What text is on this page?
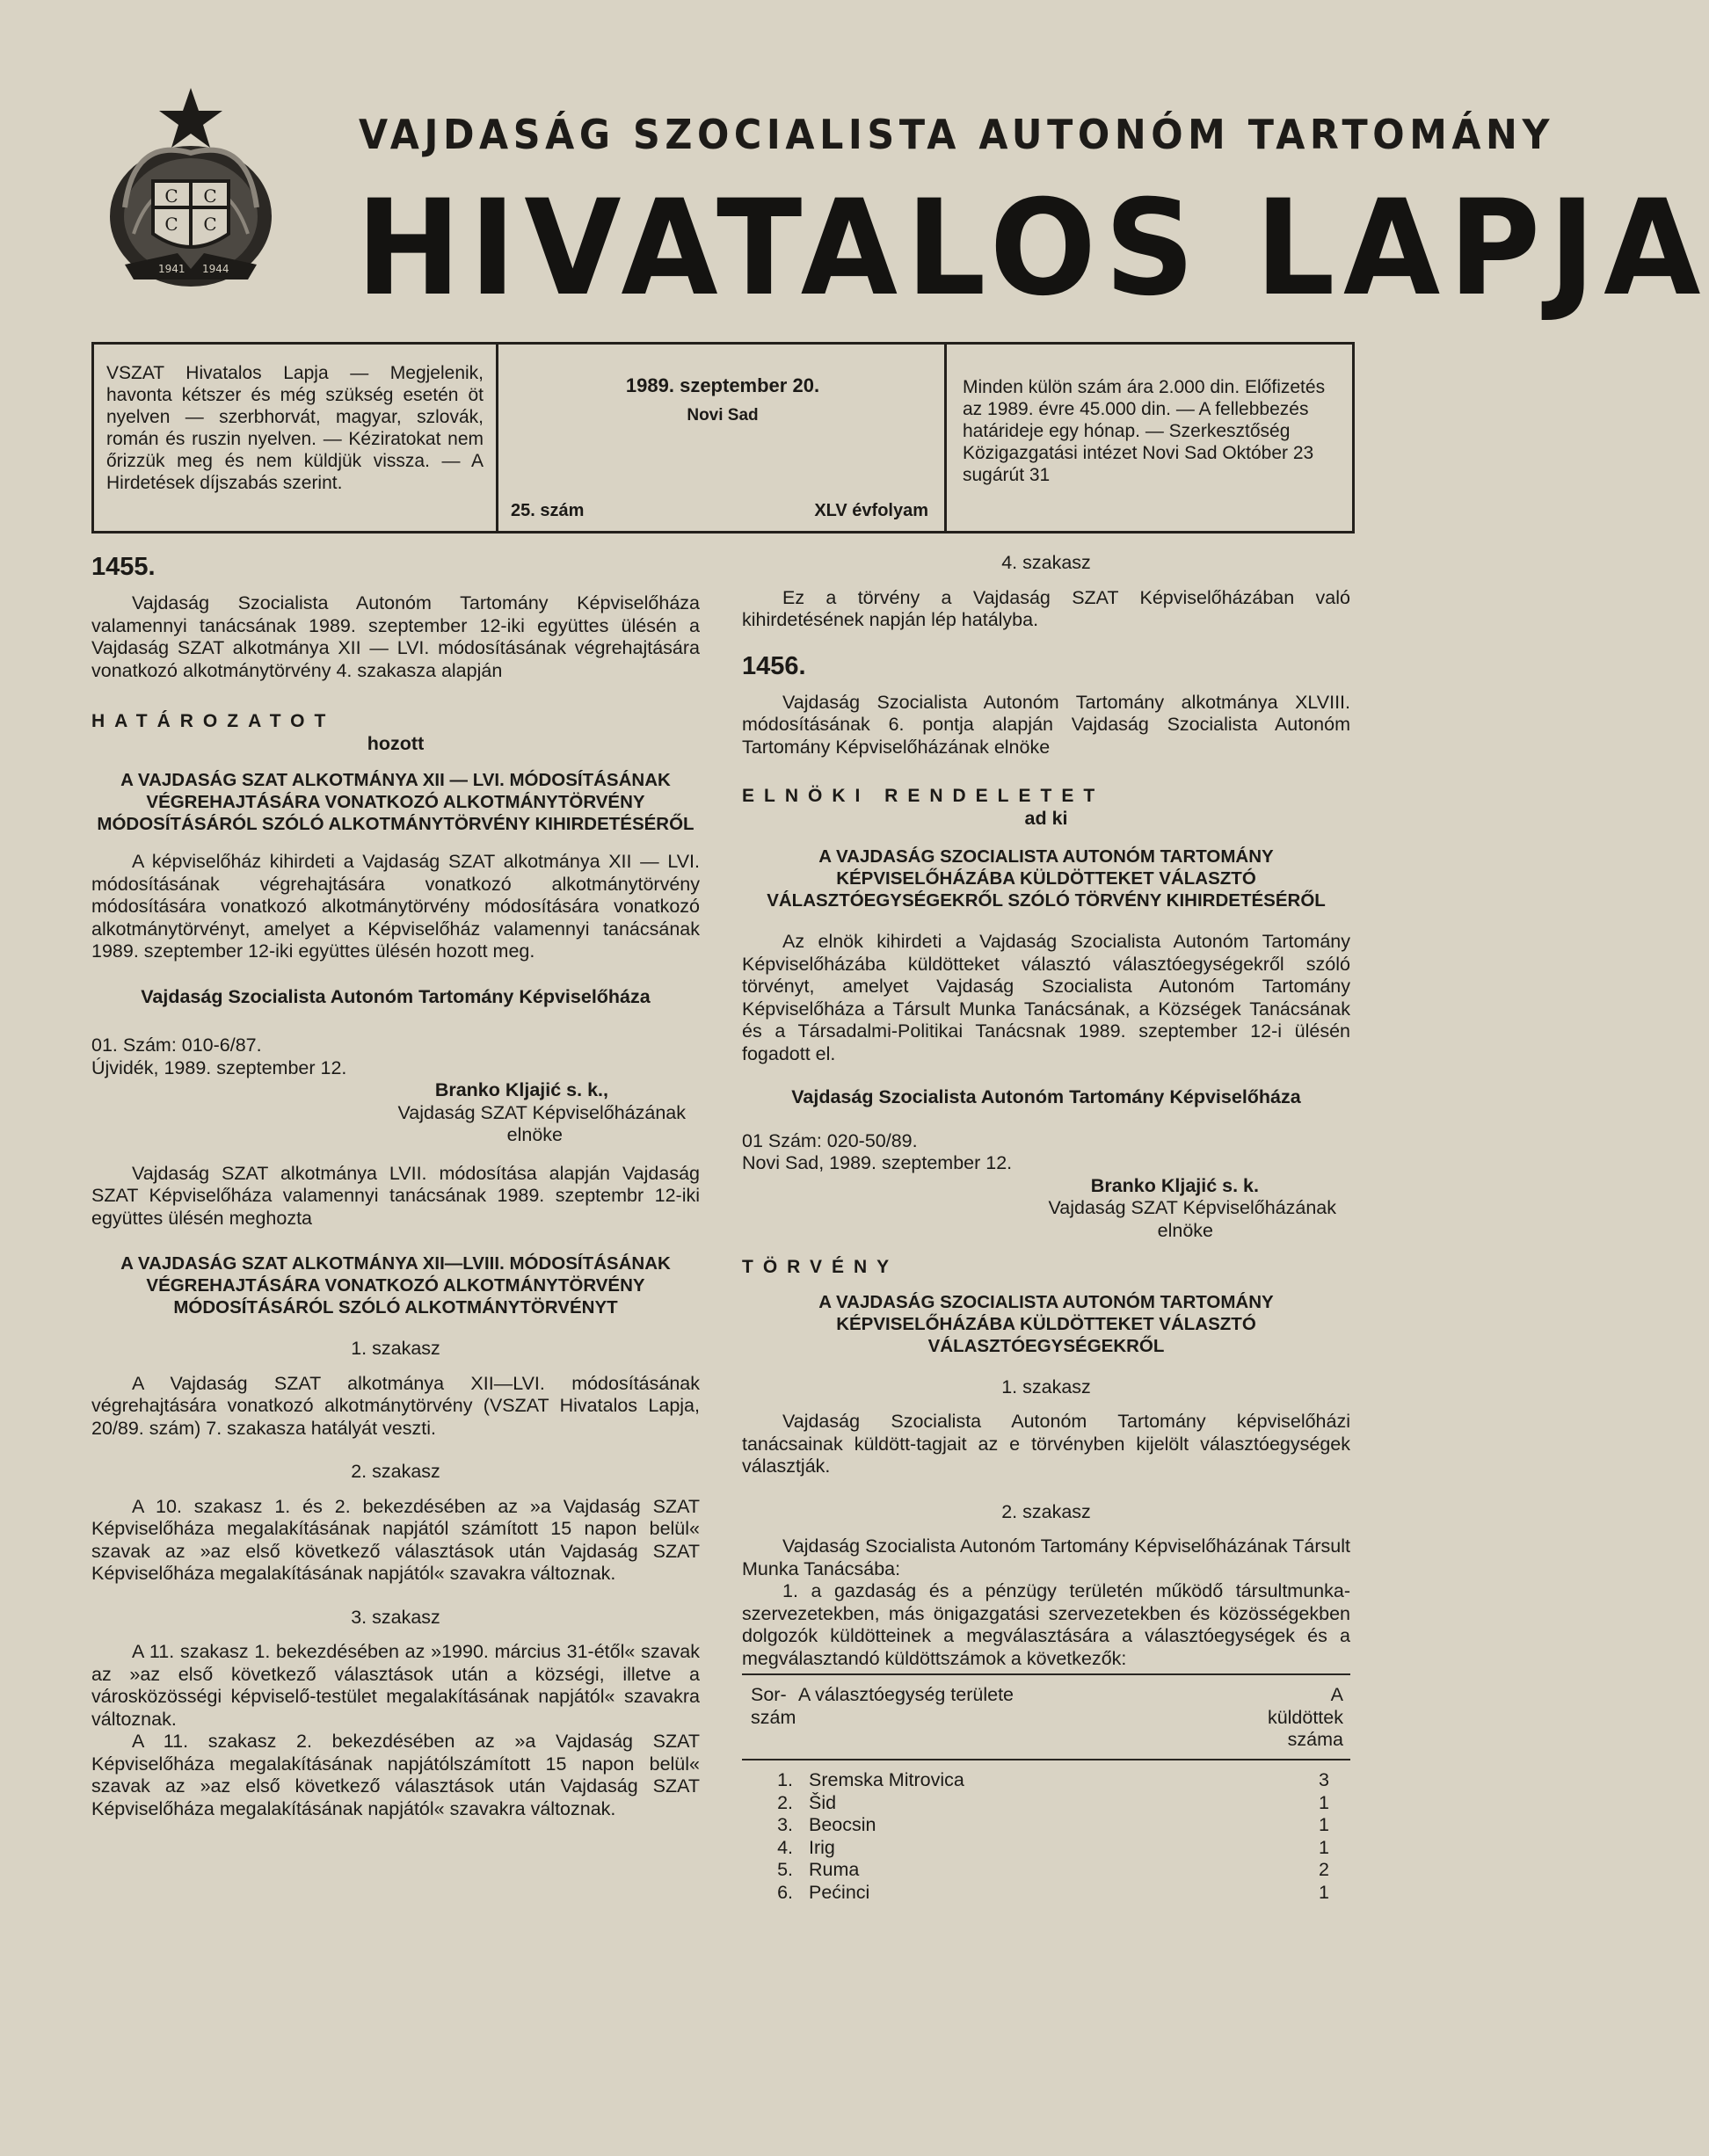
C C
C C
1941 1944
VAJDASÁG SZOCIALISTA AUTONÓM TARTOMÁNY
HIVATALOS LAPJA

VSZAT Hivatalos Lapja — Megjelenik, havonta kétszer és még szükség esetén öt nyelven — szerbhorvát, magyar, szlovák, román és ruszin nyelven. — Kéziratokat nem őrizzük meg és nem küldjük vissza. — A Hirdetések díjszabás szerint.

1989. szeptember 20.
Novi Sad
25. szám	XLV évfolyam

Minden külön szám ára 2.000 din. Előfizetés az 1989. évre 45.000 din. — A fellebbezés határideje egy hónap. — Szerkesztőség Közigazgatási intézet Novi Sad Október 23 sugárút 31

1455.

Vajdaság Szocialista Autonóm Tartomány Képviselőháza valamennyi tanácsának 1989. szeptember 12-iki együttes ülésén a Vajdaság SZAT alkotmánya XII — LVI. módosításának végrehajtására vonatkozó alkotmánytörvény 4. szakasza alapján

HATÁROZATOT

hozott

A VAJDASÁG SZAT ALKOTMÁNYA XII — LVI. MÓDOSÍTÁSÁNAK VÉGREHAJTÁSÁRA VONATKOZÓ ALKOTMÁNYTÖRVÉNY MÓDOSÍTÁSÁRÓL SZÓLÓ ALKOTMÁNYTÖRVÉNY KIHIRDETÉSÉRŐL

A képviselőház kihirdeti a Vajdaság SZAT alkotmánya XII — LVI. módosításának végrehajtására vonatkozó alkotmánytörvény módosítására vonatkozó alkotmánytörvény módosítására vonatkozó alkotmánytörvényt, amelyet a Képviselőház valamennyi tanácsának 1989. szeptember 12-iki együttes ülésén hozott meg.

Vajdaság Szocialista Autonóm Tartomány Képviselőháza

01. Szám: 010-6/87.

Újvidék, 1989. szeptember 12.

Branko Kljajić s. k.,
Vajdaság SZAT Képviselőházának
elnöke

Vajdaság SZAT alkotmánya LVII. módosítása alapján Vajdaság SZAT Képviselőháza valamennyi tanácsának 1989. szeptembr 12-iki együttes ülésén meghozta

A VAJDASÁG SZAT ALKOTMÁNYA XII—LVIII. MÓDOSÍTÁSÁNAK VÉGREHAJTÁSÁRA VONATKOZÓ ALKOTMÁNYTÖRVÉNY MÓDOSÍTÁSÁRÓL SZÓLÓ ALKOTMÁNYTÖRVÉNYT

1. szakasz

A Vajdaság SZAT alkotmánya XII—LVI. módosításának végrehajtására vonatkozó alkotmánytörvény (VSZAT Hivatalos Lapja, 20/89. szám) 7. szakasza hatályát veszti.

2. szakasz

A 10. szakasz 1. és 2. bekezdésében az »a Vajdaság SZAT Képviselőháza megalakításának napjától számított 15 napon belül« szavak az »az első következő választások után Vajdaság SZAT Képviselőháza megalakításának napjától« szavakra változnak.

3. szakasz

A 11. szakasz 1. bekezdésében az »1990. március 31-étől« szavak az »az első következő választások után a községi, illetve a városközösségi képviselő-testület megalakításának napjától« szavakra változnak.

A 11. szakasz 2. bekezdésében az »a Vajdaság SZAT Képviselőháza megalakításának napjátólszámított 15 napon belül« szavak az »az első következő választások után Vajdaság SZAT Képviselőháza megalakításának napjától« szavakra változnak.

4. szakasz

Ez a törvény a Vajdaság SZAT Képviselőházában való kihirdetésének napján lép hatályba.

1456.

Vajdaság Szocialista Autonóm Tartomány alkotmánya XLVIII. módosításának 6. pontja alapján Vajdaság Szocialista Autonóm Tartomány Képviselőházának elnöke

ELNÖKI RENDELETET

ad ki

A VAJDASÁG SZOCIALISTA AUTONÓM TARTOMÁNY KÉPVISELŐHÁZÁBA KÜLDÖTTEKET VÁLASZTÓ VÁLASZTÓEGYSÉGEKRŐL SZÓLÓ TÖRVÉNY KIHIRDETÉSÉRŐL

Az elnök kihirdeti a Vajdaság Szocialista Autonóm Tartomány Képviselőházába küldötteket választó választóegységekről szóló törvényt, amelyet Vajdaság Szocialista Autonóm Tartomány Képviselőháza a Társult Munka Tanácsának, a Községek Tanácsának és a Társadalmi-Politikai Tanácsnak 1989. szeptember 12-i ülésén fogadott el.

Vajdaság Szocialista Autonóm Tartomány Képviselőháza

01 Szám: 020-50/89.

Novi Sad, 1989. szeptember 12.

Branko Kljajić s. k.
Vajdaság SZAT Képviselőházának
elnöke

TÖRVÉNY

A VAJDASÁG SZOCIALISTA AUTONÓM TARTOMÁNY KÉPVISELŐHÁZÁBA KÜLDÖTTEKET VÁLASZTÓ VÁLASZTÓEGYSÉGEKRŐL

1. szakasz

Vajdaság Szocialista Autonóm Tartomány képviselőházi tanácsainak küldött-tagjait az e törvényben kijelölt választóegységek választják.

2. szakasz

Vajdaság Szocialista Autonóm Tartomány Képviselőházának Társult Munka Tanácsába:

1. a gazdaság és a pénzügy területén működő társultmunka-szervezetekben, más önigazgatási szervezetekben és közösségekben dolgozók küldötteinek a megválasztására a választóegységek és a megválasztandó küldöttszámok a következők:

Sor-szám
A választóegység területe	A küldöttek száma
1. Sremska Mitrovica	3
2. Šid	1
3. Beocsin	1
4. Irig	1
5. Ruma	2
6. Pećinci	1
